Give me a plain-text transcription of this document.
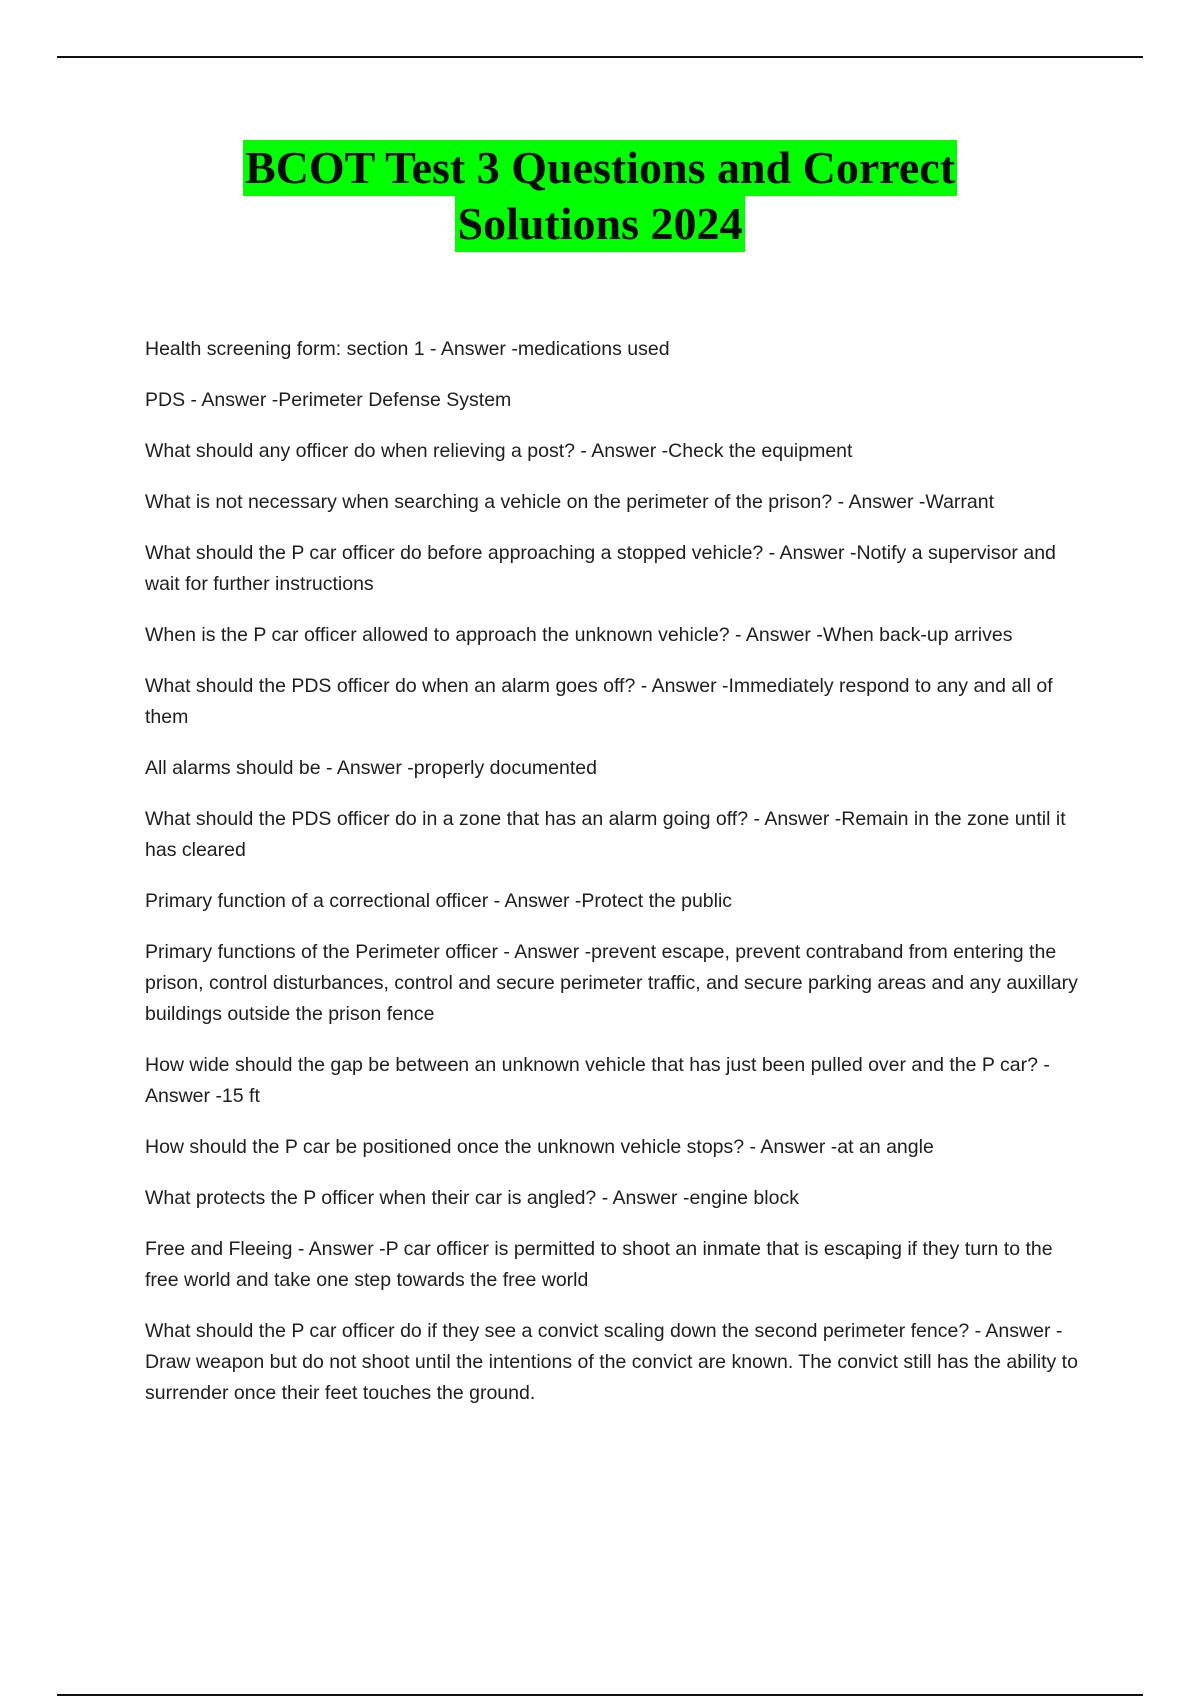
BCOT Test 3 Questions and Correct
Solutions 2024
Health screening form: section 1 - Answer -medications used
PDS - Answer -Perimeter Defense System
What should any officer do when relieving a post? - Answer -Check the equipment
What is not necessary when searching a vehicle on the perimeter of the prison? - Answer -Warrant
What should the P car officer do before approaching a stopped vehicle? - Answer -Notify a supervisor and wait for further instructions
When is the P car officer allowed to approach the unknown vehicle? - Answer -When back-up arrives
What should the PDS officer do when an alarm goes off? - Answer -Immediately respond to any and all of them
All alarms should be - Answer -properly documented
What should the PDS officer do in a zone that has an alarm going off? - Answer -Remain in the zone until it has cleared
Primary function of a correctional officer - Answer -Protect the public
Primary functions of the Perimeter officer - Answer -prevent escape, prevent contraband from entering the prison, control disturbances, control and secure perimeter traffic, and secure parking areas and any auxillary buildings outside the prison fence
How wide should the gap be between an unknown vehicle that has just been pulled over and the P car? - Answer -15 ft
How should the P car be positioned once the unknown vehicle stops? - Answer -at an angle
What protects the P officer when their car is angled? - Answer -engine block
Free and Fleeing - Answer -P car officer is permitted to shoot an inmate that is escaping if they turn to the free world and take one step towards the free world
What should the P car officer do if they see a convict scaling down the second perimeter fence? - Answer -Draw weapon but do not shoot until the intentions of the convict are known. The convict still has the ability to surrender once their feet touches the ground.
